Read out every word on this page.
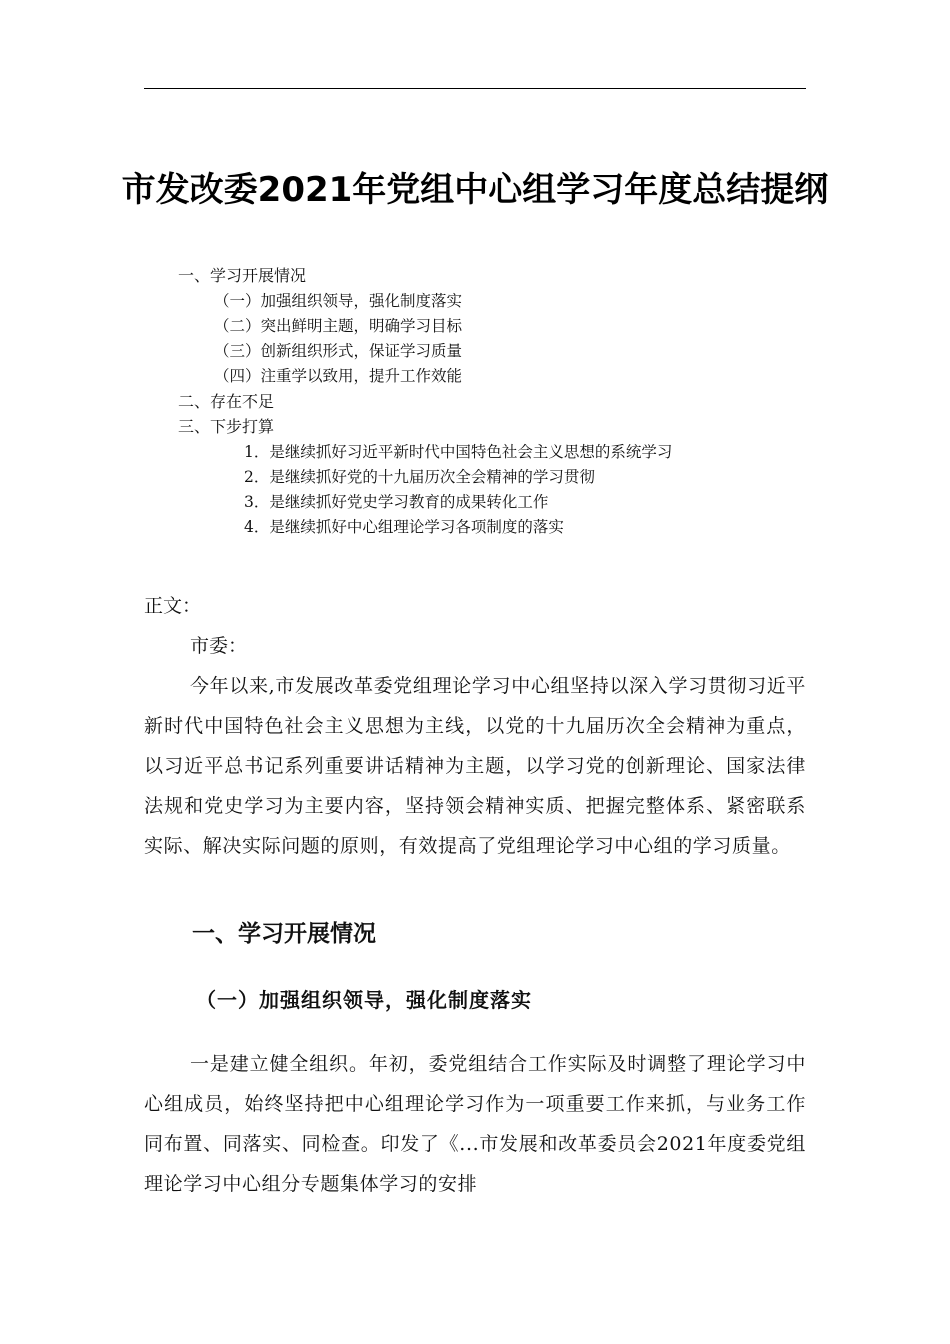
市发改委2021年党组中心组学习年度总结提纲
一、学习开展情况
（一）加强组织领导，强化制度落实
（二）突出鲜明主题，明确学习目标
（三）创新组织形式，保证学习质量
（四）注重学以致用，提升工作效能
二、存在不足
三、下步打算
1．是继续抓好习近平新时代中国特色社会主义思想的系统学习
2．是继续抓好党的十九届历次全会精神的学习贯彻
3．是继续抓好党史学习教育的成果转化工作
4．是继续抓好中心组理论学习各项制度的落实
正文：
市委：
今年以来,市发展改革委党组理论学习中心组坚持以深入学习贯彻习近平新时代中国特色社会主义思想为主线，以党的十九届历次全会精神为重点，以习近平总书记系列重要讲话精神为主题，以学习党的创新理论、国家法律法规和党史学习为主要内容，坚持领会精神实质、把握完整体系、紧密联系实际、解决实际问题的原则，有效提高了党组理论学习中心组的学习质量。
一、学习开展情况
（一）加强组织领导，强化制度落实
一是建立健全组织。年初，委党组结合工作实际及时调整了理论学习中心组成员，始终坚持把中心组理论学习作为一项重要工作来抓，与业务工作同布置、同落实、同检查。印发了《...市发展和改革委员会2021年度委党组理论学习中心组分专题集体学习的安排
